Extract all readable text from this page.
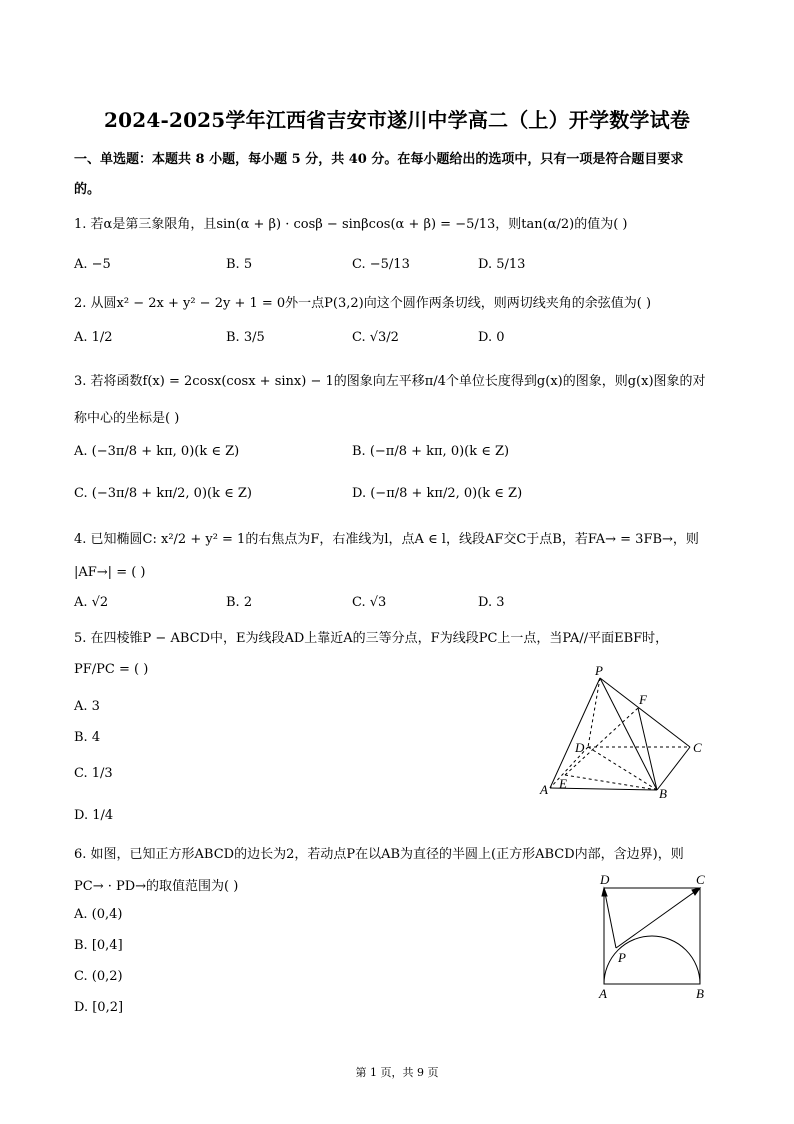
2024-2025学年江西省吉安市遂川中学高二（上）开学数学试卷
一、单选题：本题共 8 小题，每小题 5 分，共 40 分。在每小题给出的选项中，只有一项是符合题目要求
的。
1. 若α是第三象限角，且sin(α + β) · cosβ − sinβcos(α + β) = −5/13，则tan(α/2)的值为( )
A. −5	B. 5	C. −5/13	D. 5/13
2. 从圆x² − 2x + y² − 2y + 1 = 0外一点P(3,2)向这个圆作两条切线，则两切线夹角的余弦值为( )
A. 1/2	B. 3/5	C. √3/2	D. 0
3. 若将函数f(x) = 2cosx(cosx + sinx) − 1的图象向左平移π/4个单位长度得到g(x)的图象，则g(x)图象的对
称中心的坐标是( )
A. (−3π/8 + kπ, 0)(k ∈ Z)	B. (−π/8 + kπ, 0)(k ∈ Z)
C. (−3π/8 + kπ/2, 0)(k ∈ Z)	D. (−π/8 + kπ/2, 0)(k ∈ Z)
4. 已知椭圆C: x²/2 + y² = 1的右焦点为F，右准线为l，点A ∈ l，线段AF交C于点B，若FA→ = 3FB→，则
|AF→| = ( )
A. √2	B. 2	C. √3	D. 3
5. 在四棱锥P − ABCD中，E为线段AD上靠近A的三等分点，F为线段PC上一点，当PA//平面EBF时，
PF/PC = ( )
A. 3
B. 4
C. 1/3
D. 1/4
P
F
D	C
A E
B
6. 如图，已知正方形ABCD的边长为2，若动点P在以AB为直径的半圆上(正方形ABCD内部，含边界)，则
PC→ · PD→的取值范围为( )
A. (0,4)
B. [0,4]
C. (0,2)
D. [0,2]
D	C
P
A	B
第 1 页，共 9 页
